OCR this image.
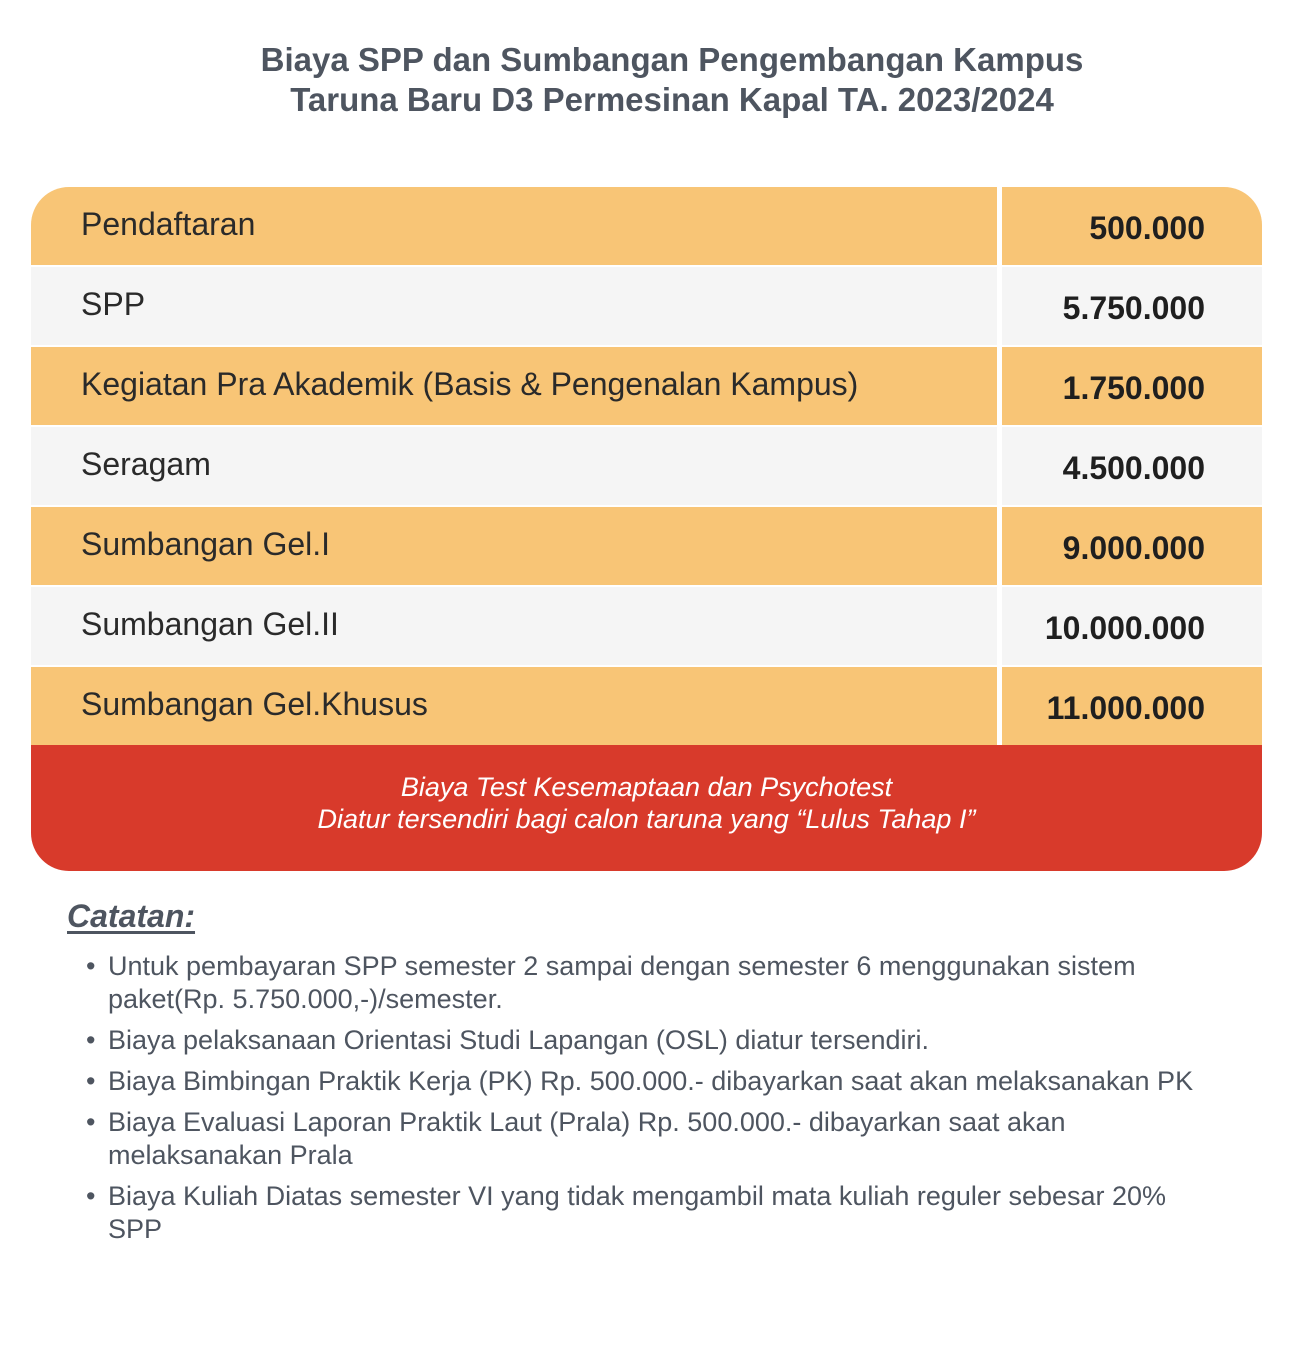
Biaya SPP dan Sumbangan Pengembangan Kampus
Taruna Baru D3 Permesinan Kapal TA. 2023/2024
Pendaftaran	500.000
SPP	5.750.000
Kegiatan Pra Akademik (Basis & Pengenalan Kampus)	1.750.000
Seragam	4.500.000
Sumbangan Gel.I	9.000.000
Sumbangan Gel.II	10.000.000
Sumbangan Gel.Khusus	11.000.000
Biaya Test Kesemaptaan dan Psychotest
Diatur tersendiri bagi calon taruna yang “Lulus Tahap I”
Catatan:
• Untuk pembayaran SPP semester 2 sampai dengan semester 6 menggunakan sistem paket(Rp. 5.750.000,-)/semester.
• Biaya pelaksanaan Orientasi Studi Lapangan (OSL) diatur tersendiri.
• Biaya Bimbingan Praktik Kerja (PK) Rp. 500.000.- dibayarkan saat akan melaksanakan PK
• Biaya Evaluasi Laporan Praktik Laut (Prala) Rp. 500.000.- dibayarkan saat akan melaksanakan Prala
• Biaya Kuliah Diatas semester VI yang tidak mengambil mata kuliah reguler sebesar 20% SPP
